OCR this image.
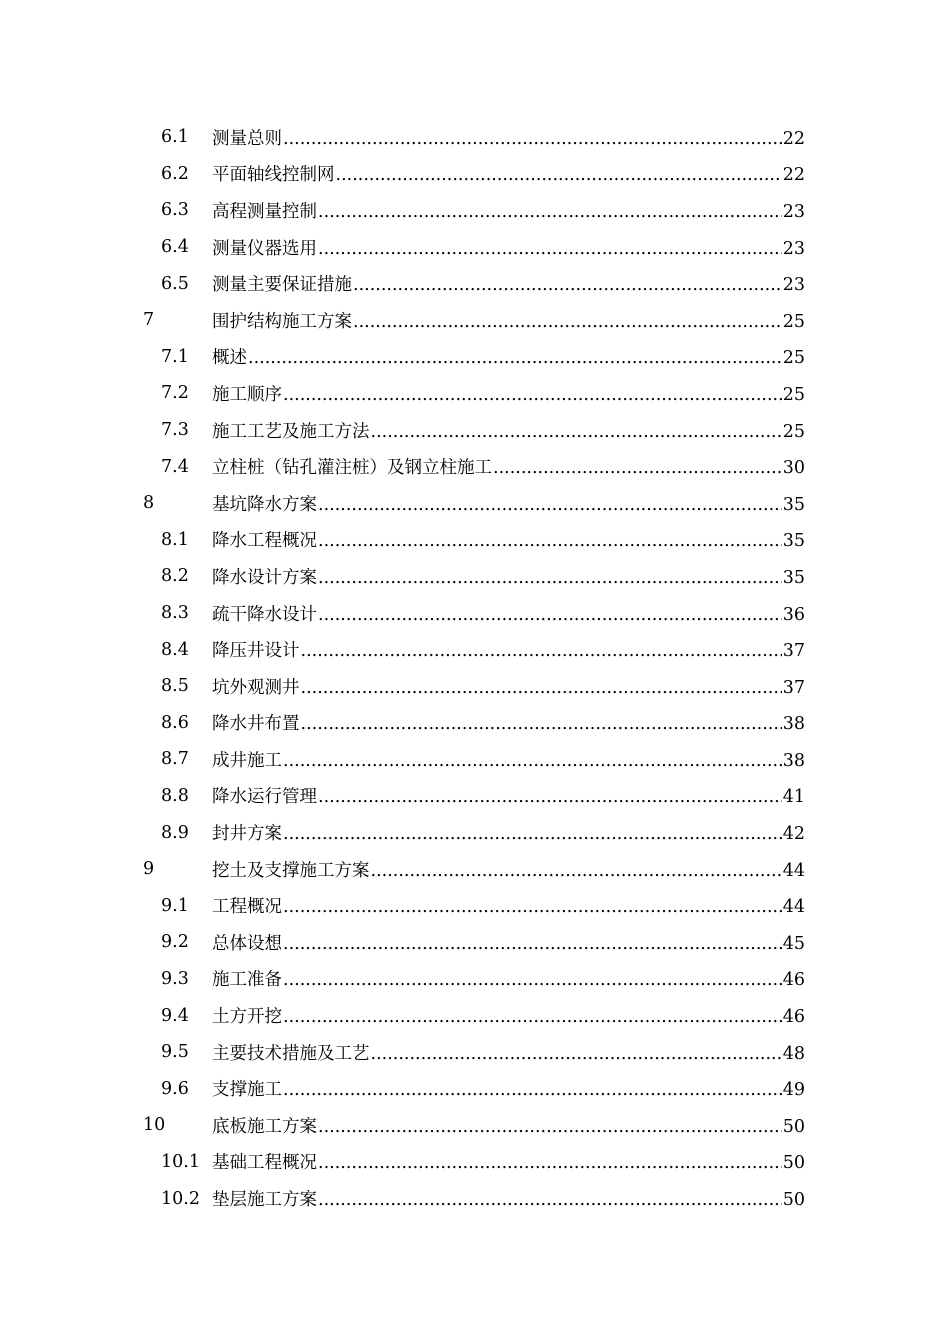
6.1 测量总则 .....	22
6.2 平面轴线控制网 .....	22
6.3 高程测量控制 .....	23
6.4 测量仪器选用 .....	23
6.5 测量主要保证措施 .....	23
7	围护结构施工方案 .....	25
7.1 概述 .....	25
7.2 施工顺序 .....	25
7.3 施工工艺及施工方法 .....	25
7.4 立柱桩（钻孔灌注桩）及钢立柱施工 .....	30
8	基坑降水方案 .....	35
8.1 降水工程概况 .....	35
8.2 降水设计方案 .....	35
8.3 疏干降水设计 .....	36
8.4 降压井设计 .....	37
8.5 坑外观测井 .....	37
8.6 降水井布置 .....	38
8.7 成井施工 .....	38
8.8 降水运行管理 .....	41
8.9 封井方案 .....	42
9	挖土及支撑施工方案 .....	44
9.1 工程概况 .....	44
9.2 总体设想 .....	45
9.3 施工准备 .....	46
9.4 土方开挖 .....	46
9.5 主要技术措施及工艺 .....	48
9.6 支撑施工 .....	49
10	底板施工方案 .....	50
10.1 基础工程概况 .....	50
10.2 垫层施工方案 .....	50
